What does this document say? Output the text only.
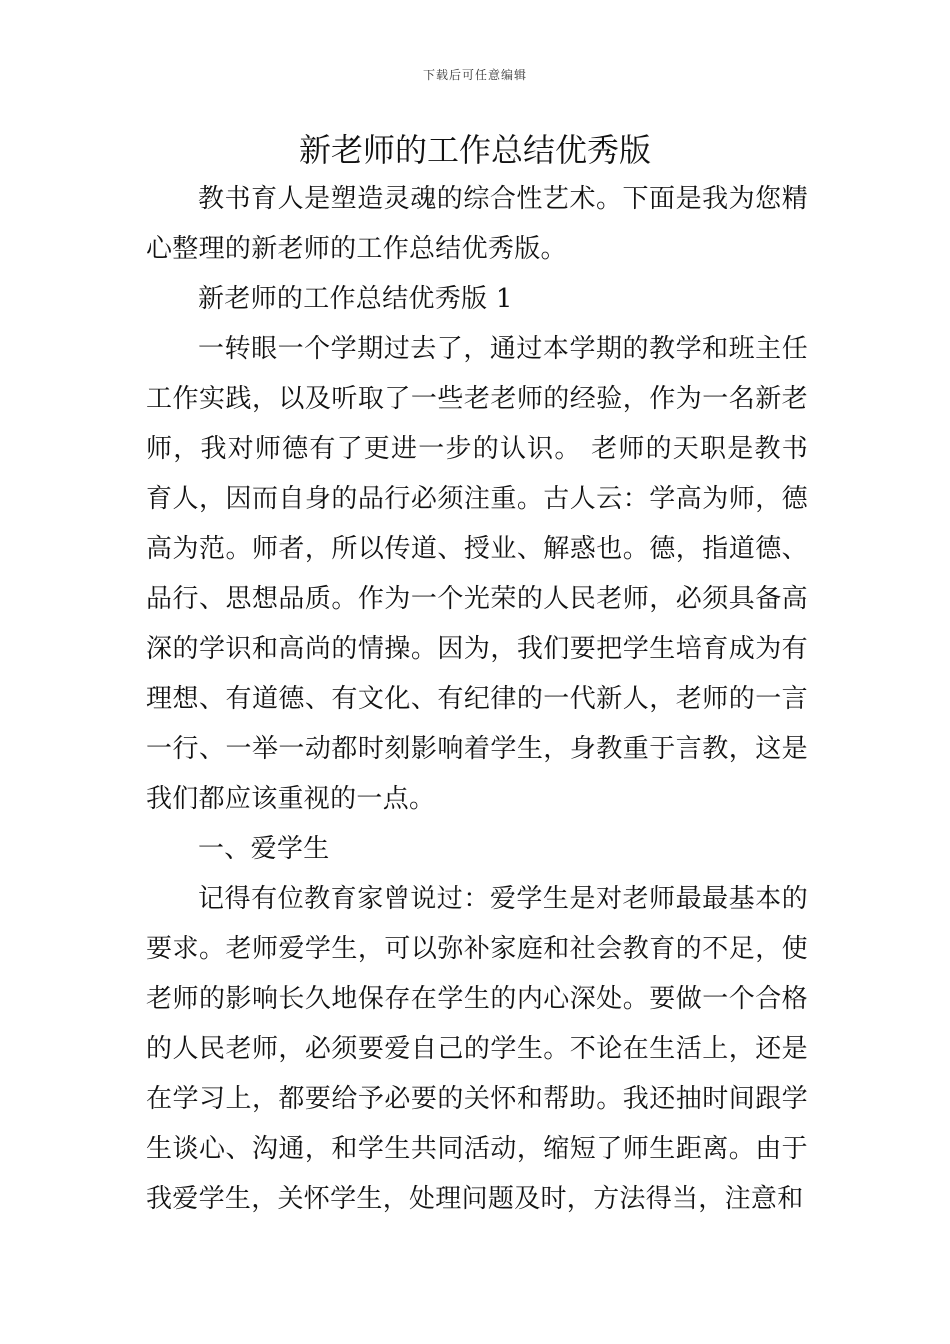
下载后可任意编辑
新老师的工作总结优秀版

教书育人是塑造灵魂的综合性艺术。下面是我为您精心整理的新老师的工作总结优秀版。

新老师的工作总结优秀版 1

一转眼一个学期过去了，通过本学期的教学和班主任工作实践，以及听取了一些老老师的经验，作为一名新老师，我对师德有了更进一步的认识。 老师的天职是教书育人，因而自身的品行必须注重。古人云：学高为师，德高为范。师者，所以传道、授业、解惑也。德，指道德、品行、思想品质。作为一个光荣的人民老师，必须具备高深的学识和高尚的情操。因为，我们要把学生培育成为有理想、有道德、有文化、有纪律的一代新人，老师的一言一行、一举一动都时刻影响着学生，身教重于言教，这是我们都应该重视的一点。

一、爱学生

记得有位教育家曾说过：爱学生是对老师最最基本的要求。老师爱学生，可以弥补家庭和社会教育的不足，使老师的影响长久地保存在学生的内心深处。要做一个合格的人民老师，必须要爱自己的学生。不论在生活上，还是在学习上，都要给予必要的关怀和帮助。我还抽时间跟学生谈心、沟通，和学生共同活动，缩短了师生距离。由于我爱学生，关怀学生，处理问题及时，方法得当，注意和
